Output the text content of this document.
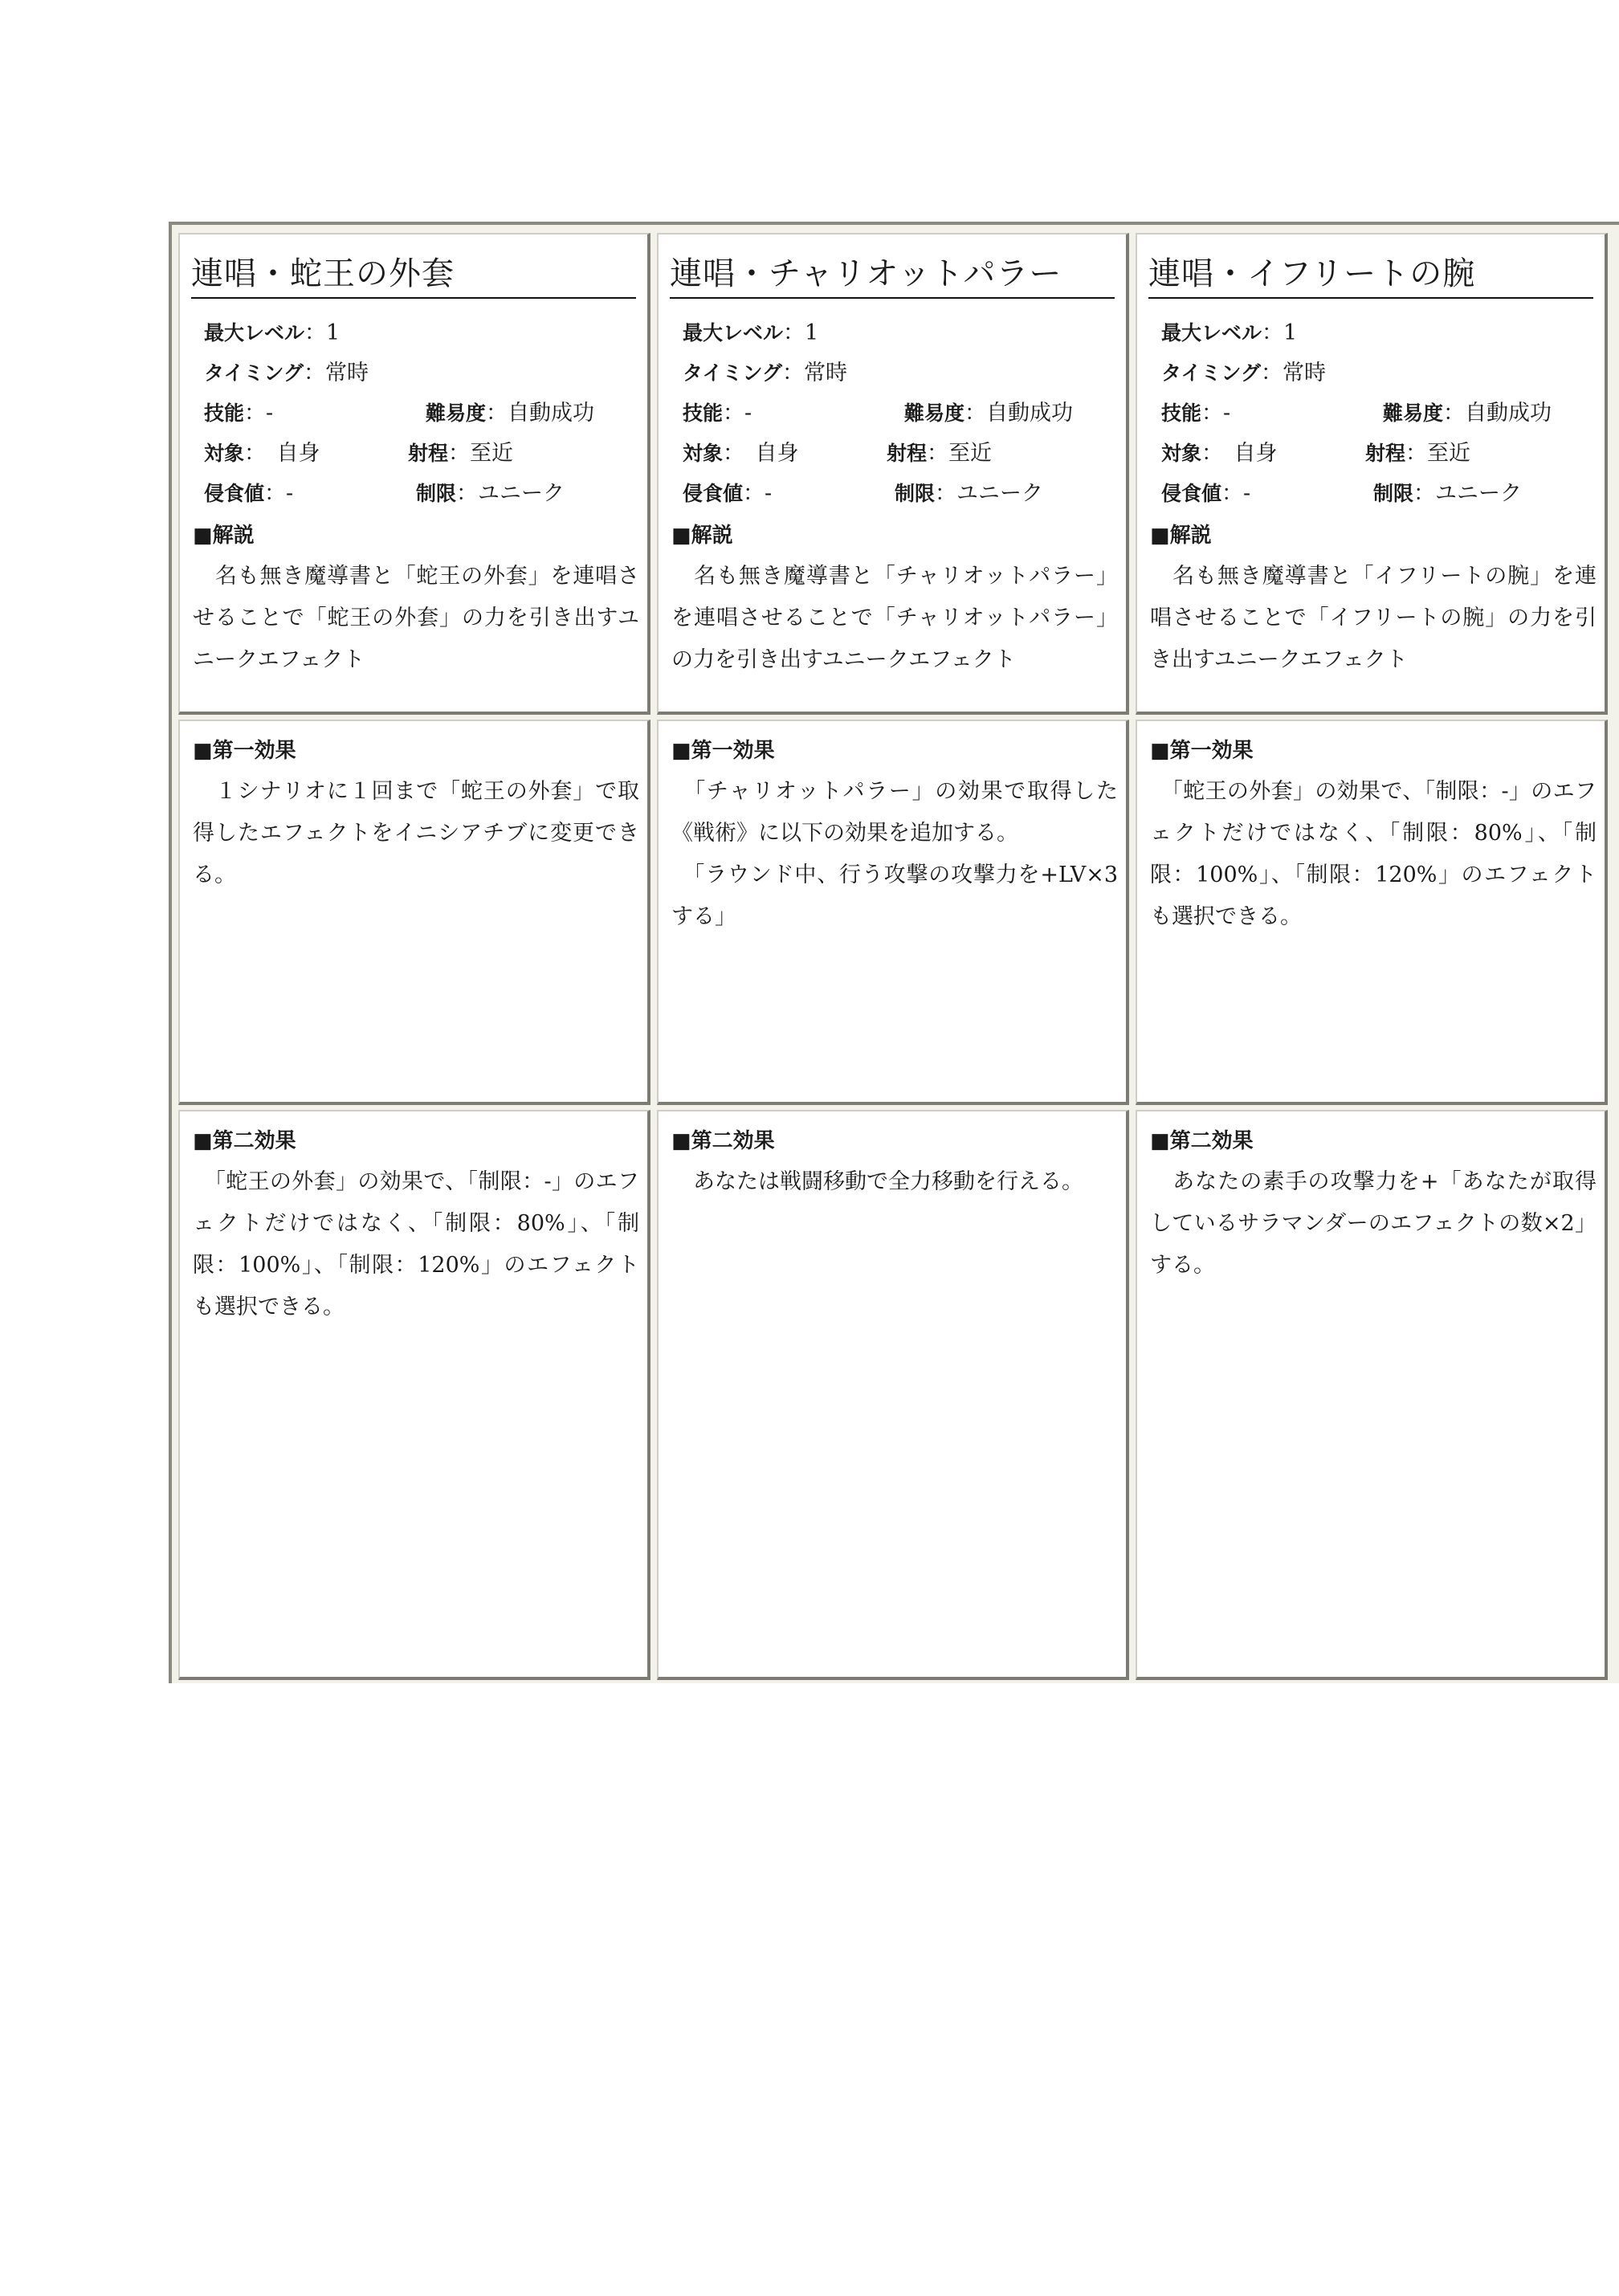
連唱・蛇王の外套
最大レベル：1
タイミング：常時
技能：-	難易度：自動成功
対象：　自身	射程：至近
侵食値：-	制限：ユニーク
■解説

　名も無き魔導書と「蛇王の外套」を連唱させることで「蛇王の外套」の力を引き出すユニークエフェクト

連唱・チャリオットパラー
最大レベル：1
タイミング：常時
技能：-	難易度：自動成功
対象：　自身	射程：至近
侵食値：-	制限：ユニーク
■解説

　名も無き魔導書と「チャリオットパラー」を連唱させることで「チャリオットパラー」の力を引き出すユニークエフェクト

連唱・イフリートの腕
最大レベル：1
タイミング：常時
技能：-	難易度：自動成功
対象：　自身	射程：至近
侵食値：-	制限：ユニーク
■解説

　名も無き魔導書と「イフリートの腕」を連唱させることで「イフリートの腕」の力を引き出すユニークエフェクト

■第一効果

　１シナリオに１回まで「蛇王の外套」で取得したエフェクトをイニシアチブに変更できる。

■第一効果

　「チャリオットパラー」の効果で取得した《戦術》に以下の効果を追加する。

　「ラウンド中、行う攻撃の攻撃力を+LV×3する」

■第一効果

　「蛇王の外套」の効果で、「制限：-」のエフェクトだけではなく、「制限：80%」、「制限：100%」、「制限：120%」のエフェクトも選択できる。

■第二効果

　「蛇王の外套」の効果で、「制限：-」のエフェクトだけではなく、「制限：80%」、「制限：100%」、「制限：120%」のエフェクトも選択できる。

■第二効果

　あなたは戦闘移動で全力移動を行える。

■第二効果

　あなたの素手の攻撃力を+「あなたが取得しているサラマンダーのエフェクトの数×2」する。
